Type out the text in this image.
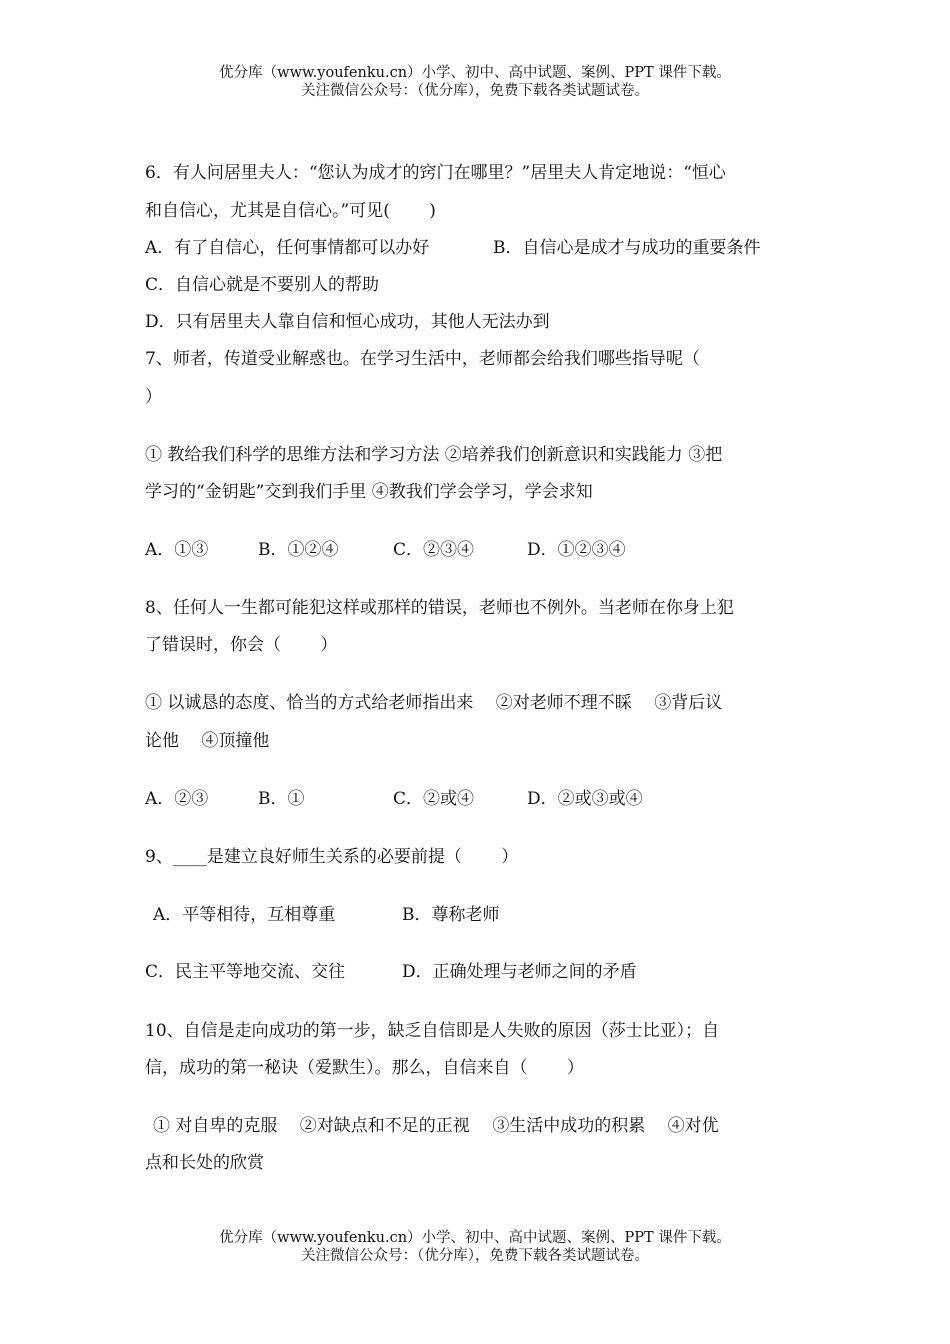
优分库（www.youfenku.cn）小学、初中、高中试题、案例、PPT 课件下载。
关注微信公众号：（优分库），免费下载各类试题试卷。
6．有人问居里夫人：“您认为成才的窍门在哪里？”居里夫人肯定地说：“恒心
和自信心，尤其是自信心。”可见(　　 )
A．有了自信心，任何事情都可以办好	B．自信心是成才与成功的重要条件
C．自信心就是不要别人的帮助
D．只有居里夫人靠自信和恒心成功，其他人无法办到
7、师者，传道受业解惑也。在学习生活中，老师都会给我们哪些指导呢（
）
① 教给我们科学的思维方法和学习方法 ②培养我们创新意识和实践能力 ③把
学习的“金钥匙”交到我们手里 ④教我们学会学习，学会求知
A．①③	B．①②④	C．②③④	D．①②③④
8、任何人一生都可能犯这样或那样的错误，老师也不例外。当老师在你身上犯
了错误时，你会（　　 ）
① 以诚恳的态度、恰当的方式给老师指出来　 ②对老师不理不睬　 ③背后议
论他　 ④顶撞他
A．②③	B．①	C．②或④	D．②或③或④
9、____是建立良好师生关系的必要前提（　　 ）
A．平等相待，互相尊重	B．尊称老师
C．民主平等地交流、交往	D．正确处理与老师之间的矛盾
10、自信是走向成功的第一步，缺乏自信即是人失败的原因（莎士比亚）；自
信，成功的第一秘诀（爱默生）。那么，自信来自（　　 ）
① 对自卑的克服　 ②对缺点和不足的正视　 ③生活中成功的积累　 ④对优
点和长处的欣赏
优分库（www.youfenku.cn）小学、初中、高中试题、案例、PPT 课件下载。
关注微信公众号：（优分库），免费下载各类试题试卷。
